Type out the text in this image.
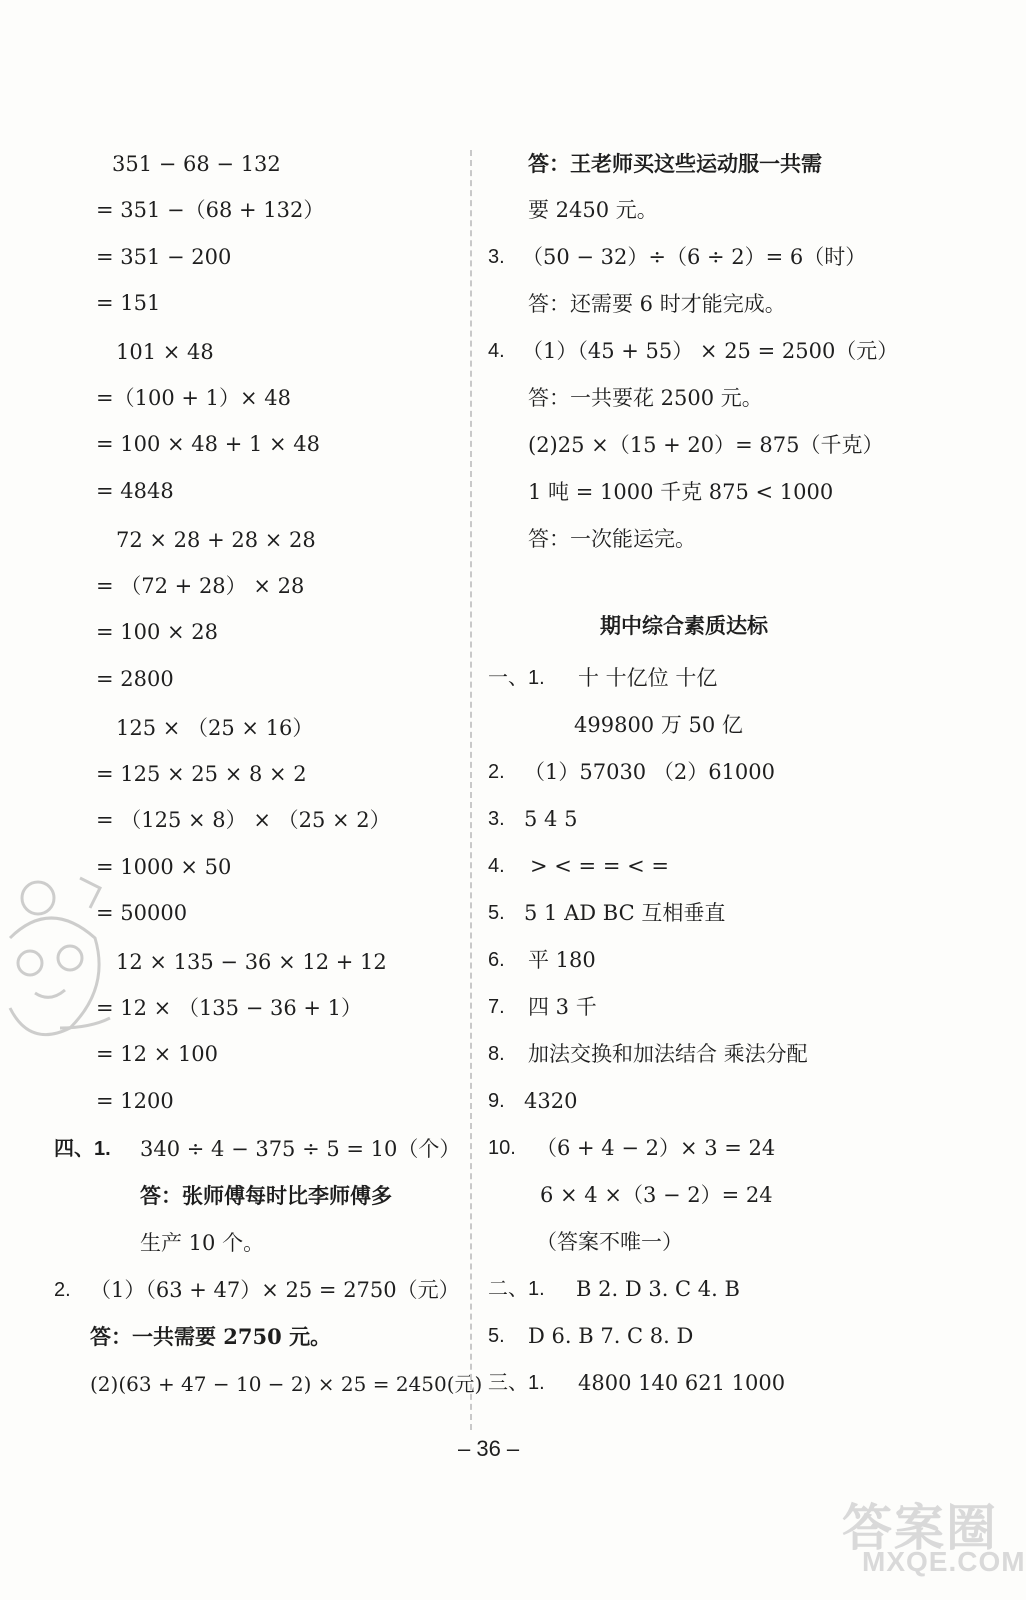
351 − 68 − 132
= 351 −（68 + 132）
= 351 − 200
= 151
101 × 48
=（100 + 1）× 48
= 100 × 48 + 1 × 48
= 4848
72 × 28 + 28 × 28
= （72 + 28） × 28
= 100 × 28
= 2800
125 × （25 × 16）
= 125 × 25 × 8 × 2
= （125 × 8） × （25 × 2）
= 1000 × 50
= 50000
12 × 135 − 36 × 12 + 12
= 12 × （135 − 36 + 1）
= 12 × 100
= 1200
四、1. 340 ÷ 4 − 375 ÷ 5 = 10（个）
答：张师傅每时比李师傅多
生产 10 个。
2. （1）（63 + 47）× 25 = 2750（元）
答：一共需要 2750 元。
(2)(63 + 47 − 10 − 2) × 25 = 2450(元)
答：王老师买这些运动服一共需
要 2450 元。
3. （50 − 32）÷（6 ÷ 2）= 6（时）
答：还需要 6 时才能完成。
4. （1）（45 + 55） × 25 = 2500（元）
答：一共要花 2500 元。
(2)25 ×（15 + 20）= 875（千克）
1 吨 = 1000 千克 875 < 1000
答：一次能运完。
期中综合素质达标
一、1. 十 十亿位 十亿
499800 万 50 亿
2. （1）57030 （2）61000
3. 5 4 5
4. > < = = < =
5. 5 1 AD BC 互相垂直
6. 平 180
7. 四 3 千
8. 加法交换和加法结合 乘法分配
9. 4320
10. （6 + 4 − 2）× 3 = 24
6 × 4 ×（3 − 2）= 24
（答案不唯一）
二、1. B 2. D 3. C 4. B
5. D 6. B 7. C 8. D
三、1. 4800 140 621 1000
– 36 –
答案圈
MXQE.COM
